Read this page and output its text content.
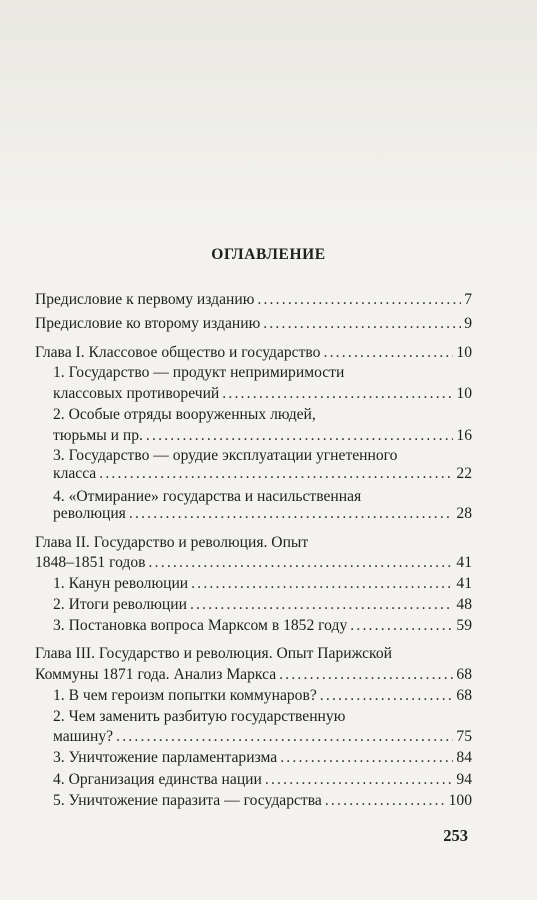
ОГЛАВЛЕНИЕ
Предисловие к первому изданию .....	7
Предисловие ко второму изданию .....	9
Глава I. Классовое общество и государство .....	10
1. Государство — продукт непримиримости
классовых противоречий .....	10
2. Особые отряды вооруженных людей,
тюрьмы и пр. .....	16
3. Государство — орудие эксплуатации угнетенного
класса .....	22
4. «Отмирание» государства и насильственная
революция .....	28
Глава II. Государство и революция. Опыт
1848–1851 годов .....	41
1. Канун революции .....	41
2. Итоги революции .....	48
3. Постановка вопроса Марксом в 1852 году .....	59
Глава III. Государство и революция. Опыт Парижской
Коммуны 1871 года. Анализ Маркса .....	68
1. В чем героизм попытки коммунаров? .....	68
2. Чем заменить разбитую государственную
машину? .....	75
3. Уничтожение парламентаризма .....	84
4. Организация единства нации .....	94
5. Уничтожение паразита — государства .....	100
253
